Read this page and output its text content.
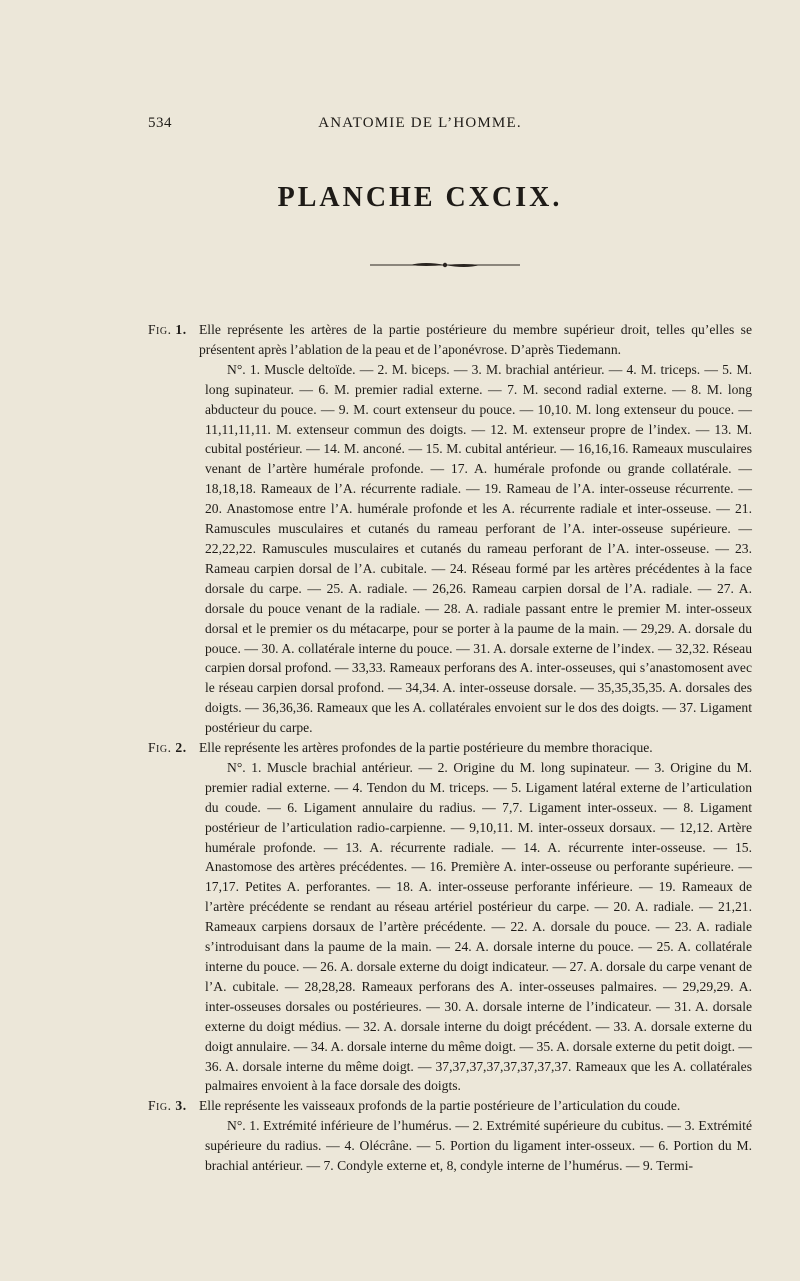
534	ANATOMIE DE L’HOMME.
PLANCHE CXCIX.
Fig. 1. Elle représente les artères de la partie postérieure du membre supérieur droit, telles qu’elles se présentent après l’ablation de la peau et de l’aponévrose. D’après Tiedemann.

N°. 1. Muscle deltoïde. — 2. M. biceps. — 3. M. brachial antérieur. — 4. M. triceps. — 5. M. long supinateur. — 6. M. premier radial externe. — 7. M. second radial externe. — 8. M. long abducteur du pouce. — 9. M. court extenseur du pouce. — 10,10. M. long extenseur du pouce. — 11,11,11,11. M. extenseur commun des doigts. — 12. M. extenseur propre de l’index. — 13. M. cubital postérieur. — 14. M. anconé. — 15. M. cubital antérieur. — 16,16,16. Rameaux musculaires venant de l’artère humérale profonde. — 17. A. humérale profonde ou grande collatérale. — 18,18,18. Rameaux de l’A. récurrente radiale. — 19. Rameau de l’A. inter-osseuse récurrente. — 20. Anastomose entre l’A. humérale profonde et les A. récurrente radiale et inter-osseuse. — 21. Ramuscules musculaires et cutanés du rameau perforant de l’A. inter-osseuse supérieure. — 22,22,22. Ramuscules musculaires et cutanés du rameau perforant de l’A. inter-osseuse. — 23. Rameau carpien dorsal de l’A. cubitale. — 24. Réseau formé par les artères précédentes à la face dorsale du carpe. — 25. A. radiale. — 26,26. Rameau carpien dorsal de l’A. radiale. — 27. A. dorsale du pouce venant de la radiale. — 28. A. radiale passant entre le premier M. inter-osseux dorsal et le premier os du métacarpe, pour se porter à la paume de la main. — 29,29. A. dorsale du pouce. — 30. A. collatérale interne du pouce. — 31. A. dorsale externe de l’index. — 32,32. Réseau carpien dorsal profond. — 33,33. Rameaux perforans des A. inter-osseuses, qui s’anastomosent avec le réseau carpien dorsal profond. — 34,34. A. inter-osseuse dorsale. — 35,35,35,35. A. dorsales des doigts. — 36,36,36. Rameaux que les A. collatérales envoient sur le dos des doigts. — 37. Ligament postérieur du carpe.

Fig. 2. Elle représente les artères profondes de la partie postérieure du membre thoracique.

N°. 1. Muscle brachial antérieur. — 2. Origine du M. long supinateur. — 3. Origine du M. premier radial externe. — 4. Tendon du M. triceps. — 5. Ligament latéral externe de l’articulation du coude. — 6. Ligament annulaire du radius. — 7,7. Ligament inter-osseux. — 8. Ligament postérieur de l’articulation radio-carpienne. — 9,10,11. M. inter-osseux dorsaux. — 12,12. Artère humérale profonde. — 13. A. récurrente radiale. — 14. A. récurrente inter-osseuse. — 15. Anastomose des artères précédentes. — 16. Première A. inter-osseuse ou perforante supérieure. — 17,17. Petites A. perforantes. — 18. A. inter-osseuse perforante inférieure. — 19. Rameaux de l’artère précédente se rendant au réseau artériel postérieur du carpe. — 20. A. radiale. — 21,21. Rameaux carpiens dorsaux de l’artère précédente. — 22. A. dorsale du pouce. — 23. A. radiale s’introduisant dans la paume de la main. — 24. A. dorsale interne du pouce. — 25. A. collatérale interne du pouce. — 26. A. dorsale externe du doigt indicateur. — 27. A. dorsale du carpe venant de l’A. cubitale. — 28,28,28. Rameaux perforans des A. inter-osseuses palmaires. — 29,29,29. A. inter-osseuses dorsales ou postérieures. — 30. A. dorsale interne de l’indicateur. — 31. A. dorsale externe du doigt médius. — 32. A. dorsale interne du doigt précédent. — 33. A. dorsale externe du doigt annulaire. — 34. A. dorsale interne du même doigt. — 35. A. dorsale externe du petit doigt. — 36. A. dorsale interne du même doigt. — 37,37,37,37,37,37,37,37. Rameaux que les A. collatérales palmaires envoient à la face dorsale des doigts.

Fig. 3. Elle représente les vaisseaux profonds de la partie postérieure de l’articulation du coude.

N°. 1. Extrémité inférieure de l’humérus. — 2. Extrémité supérieure du cubitus. — 3. Extrémité supérieure du radius. — 4. Olécrâne. — 5. Portion du ligament inter-osseux. — 6. Portion du M. brachial antérieur. — 7. Condyle externe et, 8, condyle interne de l’humérus. — 9. Termi-
